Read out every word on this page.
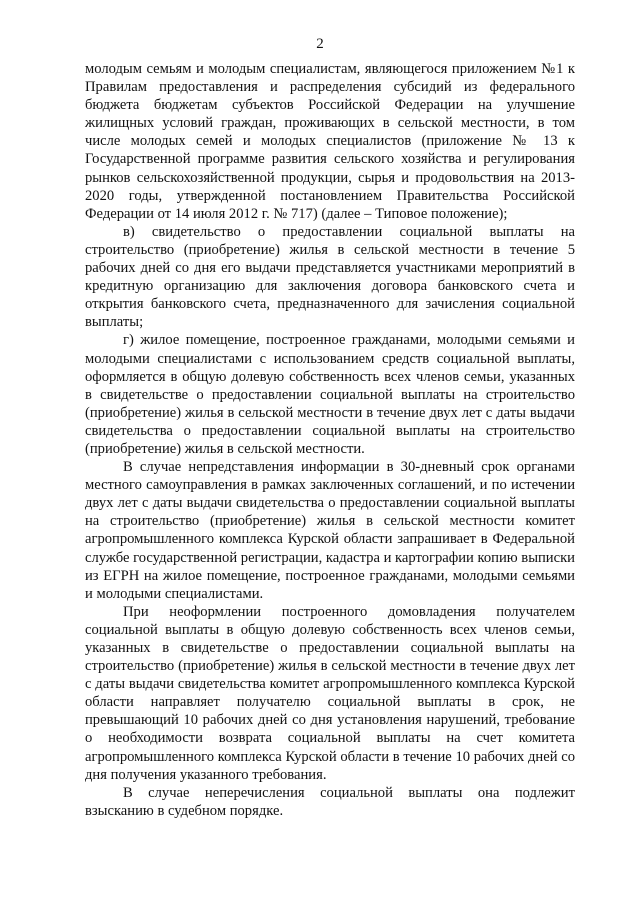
2

молодым семьям и молодым специалистам, являющегося приложением №1 к Правилам предоставления и распределения субсидий из федерального бюджета бюджетам субъектов Российской Федерации на улучшение жилищных условий граждан, проживающих в сельской местности, в том числе молодых семей и молодых специалистов (приложение № 13 к Государственной программе развития сельского хозяйства и регулирования рынков сельскохозяйственной продукции, сырья и продовольствия на 2013-2020 годы, утвержденной постановлением Правительства Российской Федерации от 14 июля 2012 г. № 717) (далее – Типовое положение);

в) свидетельство о предоставлении социальной выплаты на строительство (приобретение) жилья в сельской местности в течение 5 рабочих дней со дня его выдачи представляется участниками мероприятий в кредитную организацию для заключения договора банковского счета и открытия банковского счета, предназначенного для зачисления социальной выплаты;

г) жилое помещение, построенное гражданами, молодыми семьями и молодыми специалистами с использованием средств социальной выплаты, оформляется в общую долевую собственность всех членов семьи, указанных в свидетельстве о предоставлении социальной выплаты на строительство (приобретение) жилья в сельской местности в течение двух лет с даты выдачи свидетельства о предоставлении социальной выплаты на строительство (приобретение) жилья в сельской местности.

В случае непредставления информации в 30-дневный срок органами местного самоуправления в рамках заключенных соглашений, и по истечении двух лет с даты выдачи свидетельства о предоставлении социальной выплаты на строительство (приобретение) жилья в сельской местности комитет агропромышленного комплекса Курской области запрашивает в Федеральной службе государственной регистрации, кадастра и картографии копию выписки из ЕГРН на жилое помещение, построенное гражданами, молодыми семьями и молодыми специалистами.

При неоформлении построенного домовладения получателем социальной выплаты в общую долевую собственность всех членов семьи, указанных в свидетельстве о предоставлении социальной выплаты на строительство (приобретение) жилья в сельской местности в течение двух лет с даты выдачи свидетельства комитет агропромышленного комплекса Курской области направляет получателю социальной выплаты в срок, не превышающий 10 рабочих дней со дня установления нарушений, требование о необходимости возврата социальной выплаты на счет комитета агропромышленного комплекса Курской области в течение 10 рабочих дней со дня получения указанного требования.

В случае неперечисления социальной выплаты она подлежит взысканию в судебном порядке.
